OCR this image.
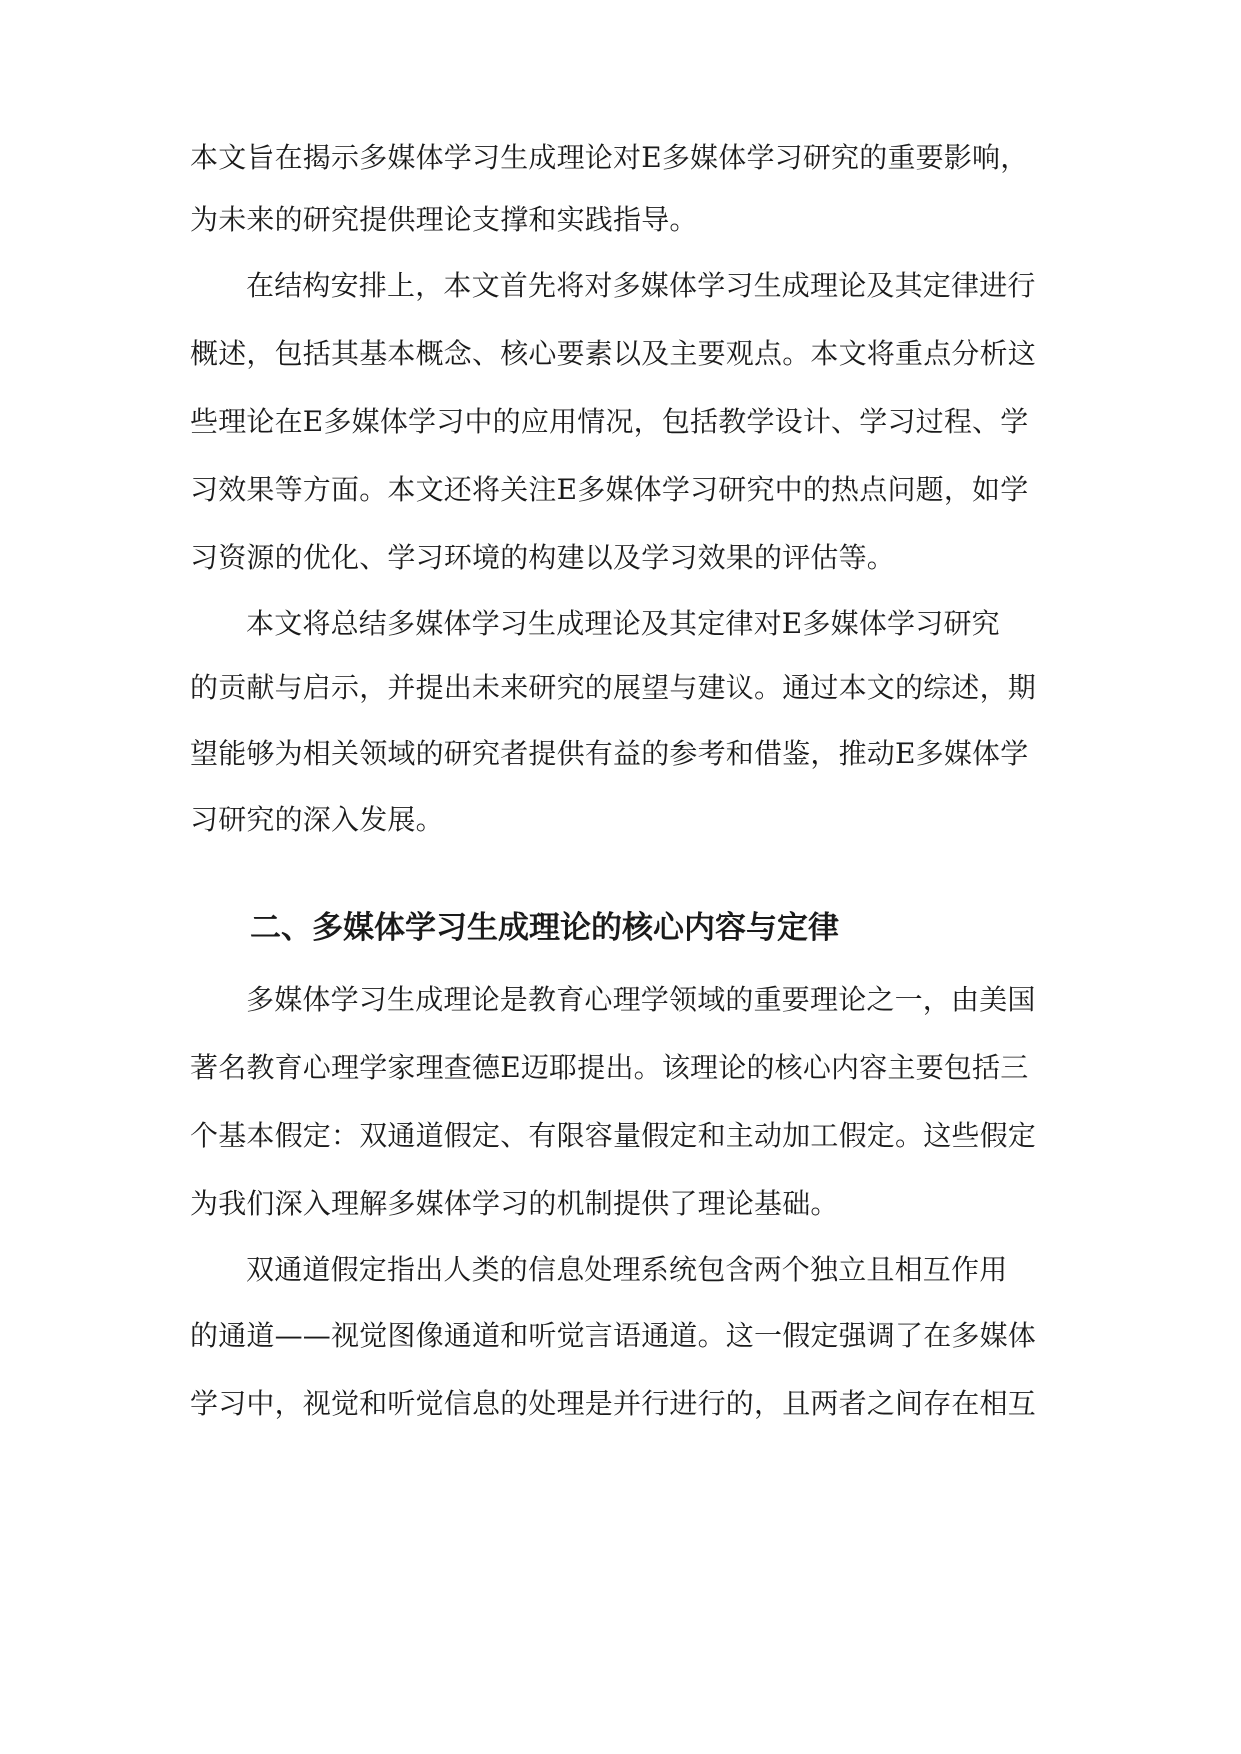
本文旨在揭示多媒体学习生成理论对E多媒体学习研究的重要影响，
为未来的研究提供理论支撑和实践指导。
在结构安排上，本文首先将对多媒体学习生成理论及其定律进行
概述，包括其基本概念、核心要素以及主要观点。本文将重点分析这
些理论在E多媒体学习中的应用情况，包括教学设计、学习过程、学
习效果等方面。本文还将关注E多媒体学习研究中的热点问题，如学
习资源的优化、学习环境的构建以及学习效果的评估等。
本文将总结多媒体学习生成理论及其定律对E多媒体学习研究
的贡献与启示，并提出未来研究的展望与建议。通过本文的综述，期
望能够为相关领域的研究者提供有益的参考和借鉴，推动E多媒体学
习研究的深入发展。
二、多媒体学习生成理论的核心内容与定律
多媒体学习生成理论是教育心理学领域的重要理论之一，由美国
著名教育心理学家理查德E迈耶提出。该理论的核心内容主要包括三
个基本假定：双通道假定、有限容量假定和主动加工假定。这些假定
为我们深入理解多媒体学习的机制提供了理论基础。
双通道假定指出人类的信息处理系统包含两个独立且相互作用
的通道——视觉图像通道和听觉言语通道。这一假定强调了在多媒体
学习中，视觉和听觉信息的处理是并行进行的，且两者之间存在相互
